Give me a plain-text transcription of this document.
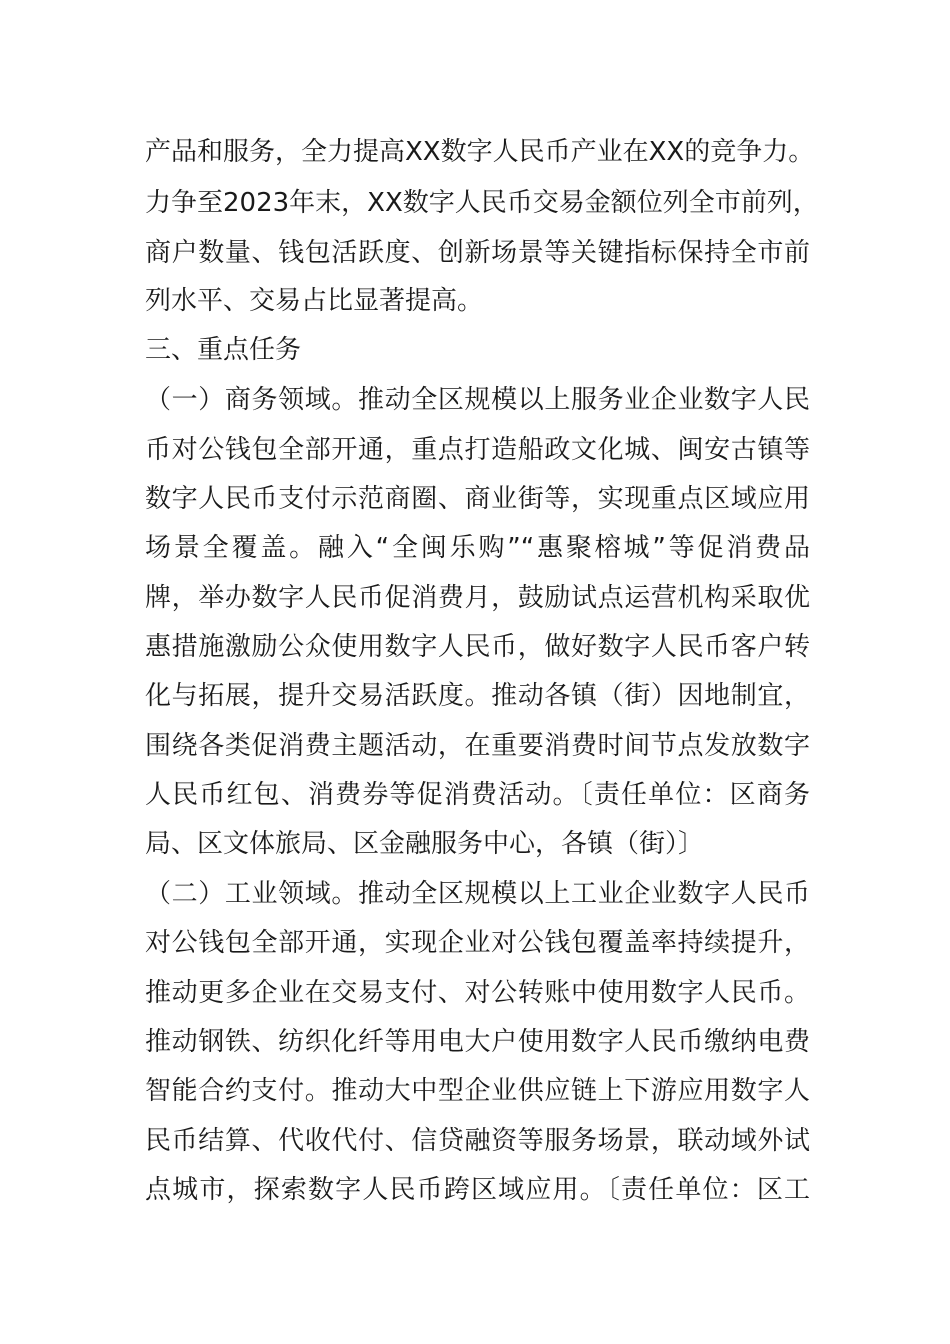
产品和服务，全力提高XX数字人民币产业在XX的竞争力。
力争至2023年末，XX数字人民币交易金额位列全市前列，
商户数量、钱包活跃度、创新场景等关键指标保持全市前
列水平、交易占比显著提高。
三、重点任务
（一）商务领域。推动全区规模以上服务业企业数字人民
币对公钱包全部开通，重点打造船政文化城、闽安古镇等
数字人民币支付示范商圈、商业街等，实现重点区域应用
场景全覆盖。融入“全闽乐购”“惠聚榕城”等促消费品
牌，举办数字人民币促消费月，鼓励试点运营机构采取优
惠措施激励公众使用数字人民币，做好数字人民币客户转
化与拓展，提升交易活跃度。推动各镇（街）因地制宜，
围绕各类促消费主题活动，在重要消费时间节点发放数字
人民币红包、消费券等促消费活动。〔责任单位：区商务
局、区文体旅局、区金融服务中心，各镇（街）〕
（二）工业领域。推动全区规模以上工业企业数字人民币
对公钱包全部开通，实现企业对公钱包覆盖率持续提升，
推动更多企业在交易支付、对公转账中使用数字人民币。
推动钢铁、纺织化纤等用电大户使用数字人民币缴纳电费
智能合约支付。推动大中型企业供应链上下游应用数字人
民币结算、代收代付、信贷融资等服务场景，联动域外试
点城市，探索数字人民币跨区域应用。〔责任单位：区工
